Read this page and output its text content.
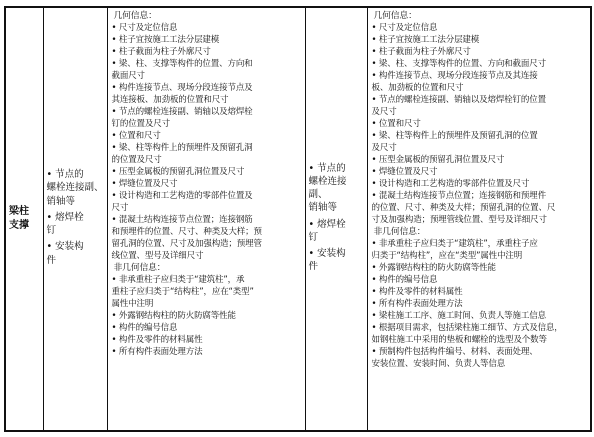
梁柱
支撑

• 节点的
螺栓连接副、
销轴等
• 熔焊栓
钉
• 安装构
件

几何信息：
• 尺寸及定位信息
• 柱子宜按施工工法分层建模
• 柱子截面为柱子外廓尺寸
• 梁、柱、支撑等构件的位置、方向和
截面尺寸
• 构件连接节点、现场分段连接节点及
其连接板、加劲板的位置和尺寸
• 节点的螺栓连接副、销轴以及熔焊栓
钉的位置及尺寸
• 位置和尺寸
• 梁、柱等构件上的预埋件及预留孔洞
的位置及尺寸
• 压型金属板的预留孔洞位置及尺寸
• 焊缝位置及尺寸
• 设计构造和工艺构造的零部件位置及
尺寸
• 混凝土结构连接节点位置；连接钢筋
和预埋件的位置、尺寸、种类及大样；预
留孔洞的位置、尺寸及加强构造；预埋管
线位置、型号及详细尺寸
非几何信息：
• 非承重柱子应归类于“建筑柱”，承
重柱子应归类于“结构柱”，应在“类型”
属性中注明
• 外露钢结构柱的防火防腐等性能
• 构件的编号信息
• 构件及零件的材料属性
• 所有构件表面处理方法

• 节点的
螺栓连接副、
销轴等
• 熔焊栓
钉
• 安装构
件

几何信息：
• 尺寸及定位信息
• 柱子宜按施工工法分层建模
• 柱子截面为柱子外廓尺寸
• 梁、柱、支撑等构件的位置、方向和截面尺寸
• 构件连接节点、现场分段连接节点及其连接
板、加劲板的位置和尺寸
• 节点的螺栓连接副、销轴以及熔焊栓钉的位置
及尺寸
• 位置和尺寸
• 梁、柱等构件上的预埋件及预留孔洞的位置
及尺寸
• 压型金属板的预留孔洞位置及尺寸
• 焊缝位置及尺寸
• 设计构造和工艺构造的零部件位置及尺寸
• 混凝土结构连接节点位置；连接钢筋和预埋件
的位置、尺寸、种类及大样；预留孔洞的位置、尺
寸及加强构造；预埋管线位置、型号及详细尺寸
非几何信息：
• 非承重柱子应归类于“建筑柱”，承重柱子应
归类于“结构柱”，应在“类型”属性中注明
• 外露钢结构柱的防火防腐等性能
• 构件的编号信息
• 构件及零件的材料属性
• 所有构件表面处理方法
• 梁柱施工工序、施工时间、负责人等施工信息
• 根据项目需求，包括梁柱施工细节、方式及信息，
如钢柱施工中采用的垫板和螺栓的选型及个数等
• 预制构件包括构件编号、材料、表面处理、
安装位置、安装时间、负责人等信息
